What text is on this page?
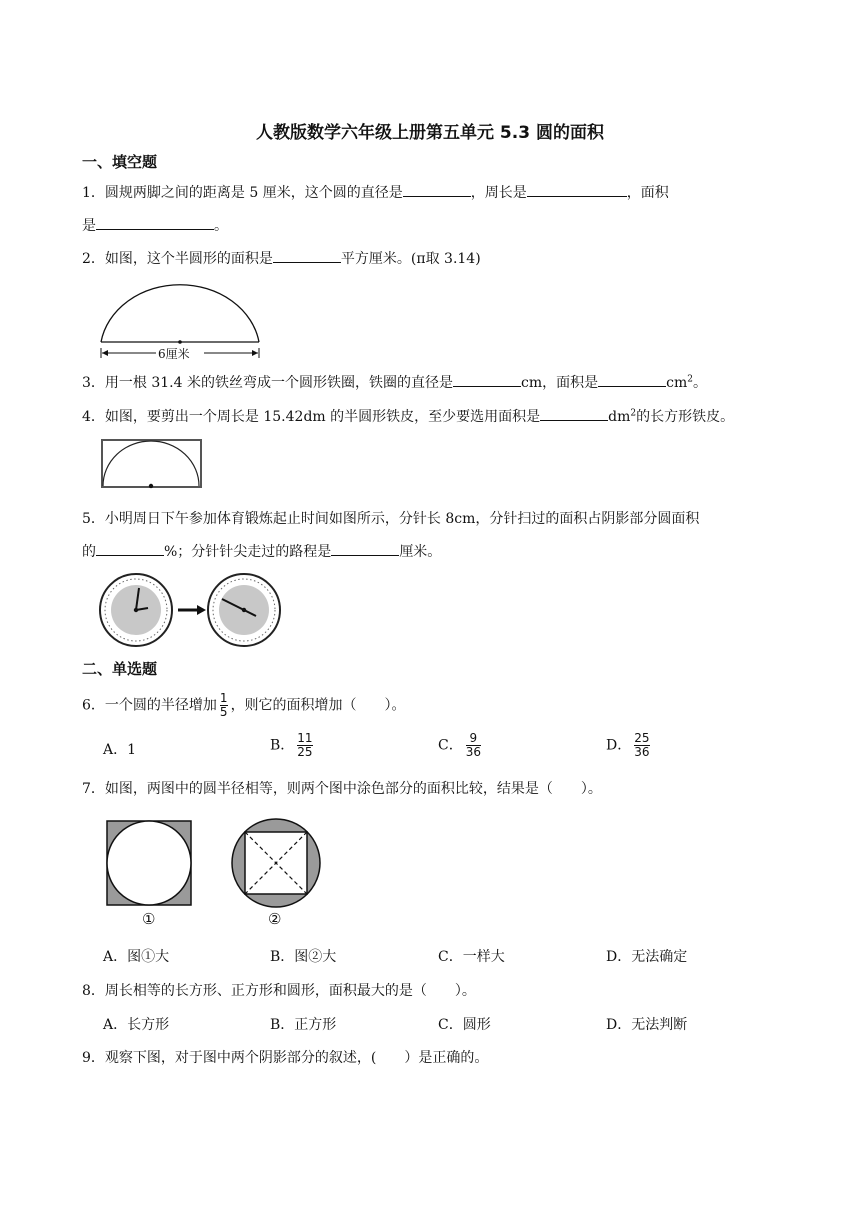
人教版数学六年级上册第五单元 5.3 圆的面积
一、填空题
1．圆规两脚之间的距离是 5 厘米，这个圆的直径是	，周长是	，面积
是	。
2．如图，这个半圆形的面积是	平方厘米。(π取 3.14)
6厘米
3．用一根 31.4 米的铁丝弯成一个圆形铁圈，铁圈的直径是	cm，面积是	$cm^2$。
4．如图，要剪出一个周长是 15.42dm 的半圆形铁皮，至少要选用面积是	$dm^2$的长方形铁皮。
5．小明周日下午参加体育锻炼起止时间如图所示，分针长 8cm，分针扫过的面积占阴影部分圆面积
的	%；分针针尖走过的路程是	厘米。
二、单选题
6．一个圆的半径增加 $\frac{1}{5}$ ，则它的面积增加（　　）。
A．1	B． $\frac{11}{25}$	C． $\frac{9}{36}$	D． $\frac{25}{36}$
7．如图，两图中的圆半径相等，则两个图中涂色部分的面积比较，结果是（　　）。
①	②
A．图①大	B．图②大	C．一样大	D．无法确定
8．周长相等的长方形、正方形和圆形，面积最大的是（　　）。
A．长方形	B．正方形	C．圆形	D．无法判断
9．观察下图，对于图中两个阴影部分的叙述，(　　）是正确的。
